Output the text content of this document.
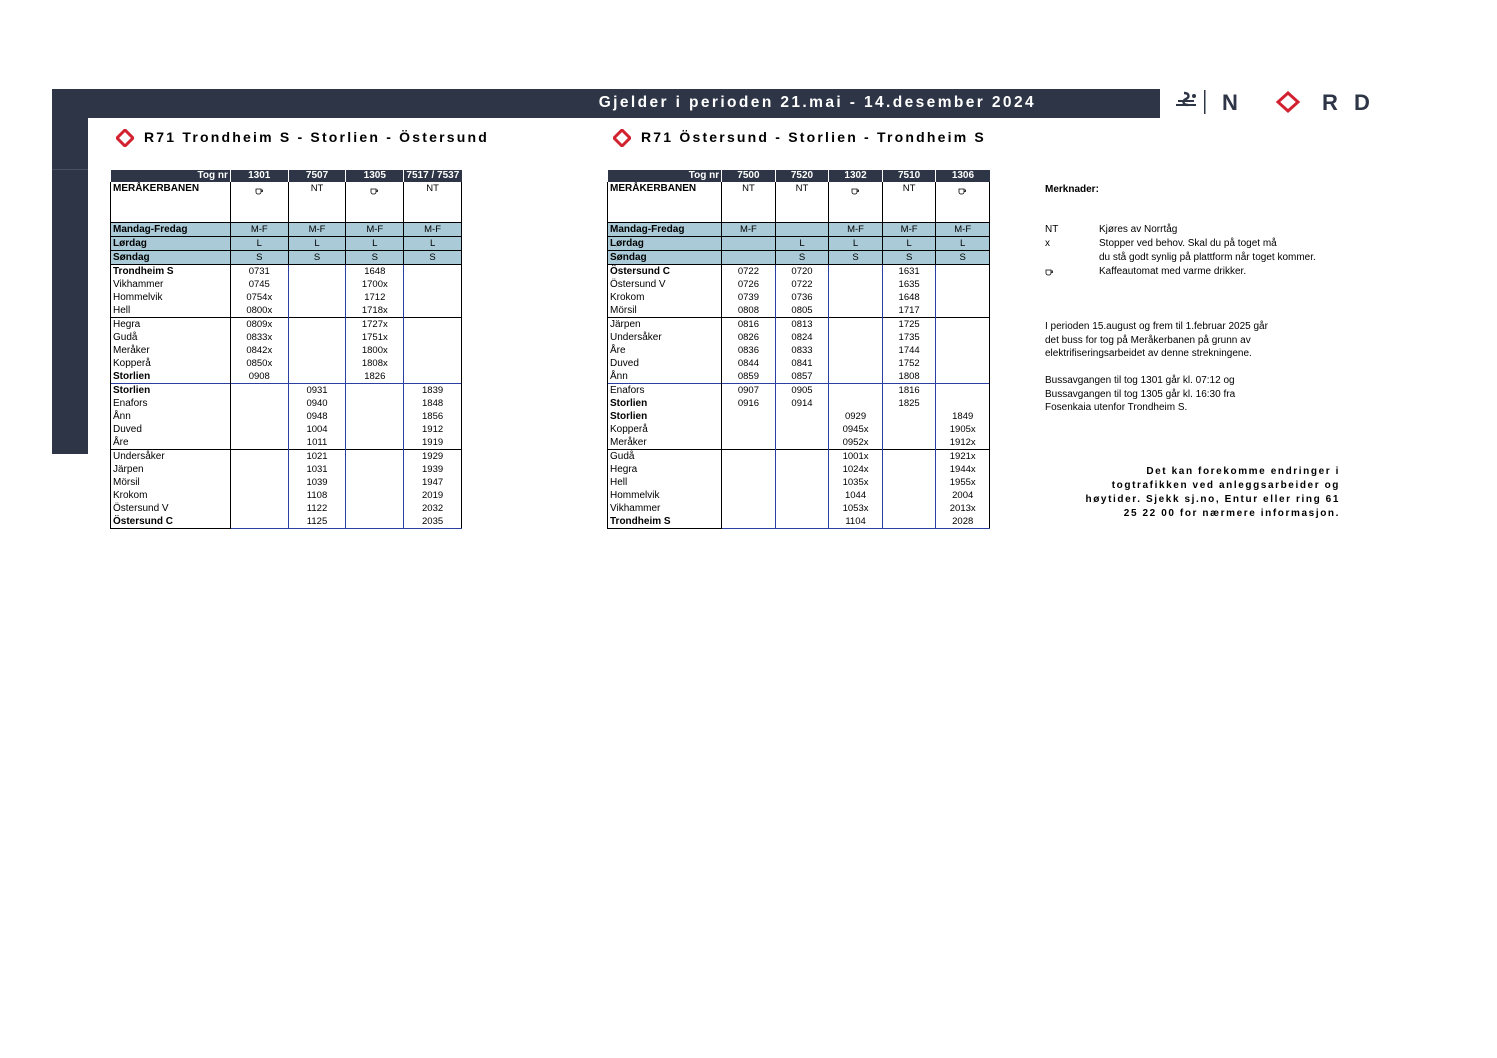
Gjelder i perioden 21.mai - 14.desember 2024	N	R D
R71 Trondheim S - Storlien - Östersund	R71 Östersund - Storlien - Trondheim S
Tog nr	1301	7507	1305	7517 / 7537
MERÅKERBANEN		NT		NT
Mandag-Fredag	M-F	M-F	M-F	M-F
Lørdag	L	L	L	L
Søndag	S	S	S	S
Trondheim S	0731		1648	
Vikhammer	0745		1700x	
Hommelvik	0754x		1712	
Hell	0800x		1718x	
Hegra	0809x		1727x	
Gudå	0833x		1751x	
Meråker	0842x		1800x	
Kopperå	0850x		1808x	
Storlien	0908		1826	
Storlien		0931		1839
Enafors		0940		1848
Ånn		0948		1856
Duved		1004		1912
Åre		1011		1919
Undersåker		1021		1929
Järpen		1031		1939
Mörsil		1039		1947
Krokom		1108		2019
Östersund V		1122		2032
Östersund C		1125		2035
Tog nr	7500	7520	1302	7510	1306
MERÅKERBANEN	NT	NT		NT	

Mandag-Fredag	M-F		M-F	M-F	M-F
Lørdag		L	L	L	L
Søndag		S	S	S	S
Östersund C	0722	0720		1631	
Östersund V	0726	0722		1635	
Krokom	0739	0736		1648	
Mörsil	0808	0805		1717	
Järpen	0816	0813		1725	
Undersåker	0826	0824		1735	
Åre	0836	0833		1744	
Duved	0844	0841		1752	
Ånn	0859	0857		1808	
Enafors	0907	0905		1816	
Storlien	0916	0914		1825	
Storlien			0929		1849
Kopperå			0945x		1905x
Meråker			0952x		1912x
Gudå			1001x		1921x
Hegra			1024x		1944x
Hell			1035x		1955x
Hommelvik			1044		2004
Vikhammer			1053x		2013x
Trondheim S			1104		2028
Merknader:
NT	Kjøres av Norrtåg
x	Stopper ved behov. Skal du på toget må
du stå godt synlig på plattform når toget kommer.
Kaffeautomat med varme drikker.
I perioden 15.august og frem til 1.februar 2025 går
det buss for tog på Meråkerbanen på grunn av
elektrifiseringsarbeidet av denne strekningene.
Bussavgangen til tog 1301 går kl. 07:12 og
Bussavgangen til tog 1305 går kl. 16:30 fra
Fosenkaia utenfor Trondheim S.
Det kan forekomme endringer i
togtrafikken ved anleggsarbeider og
høytider. Sjekk sj.no, Entur eller ring 61
25 22 00 for nærmere informasjon.
